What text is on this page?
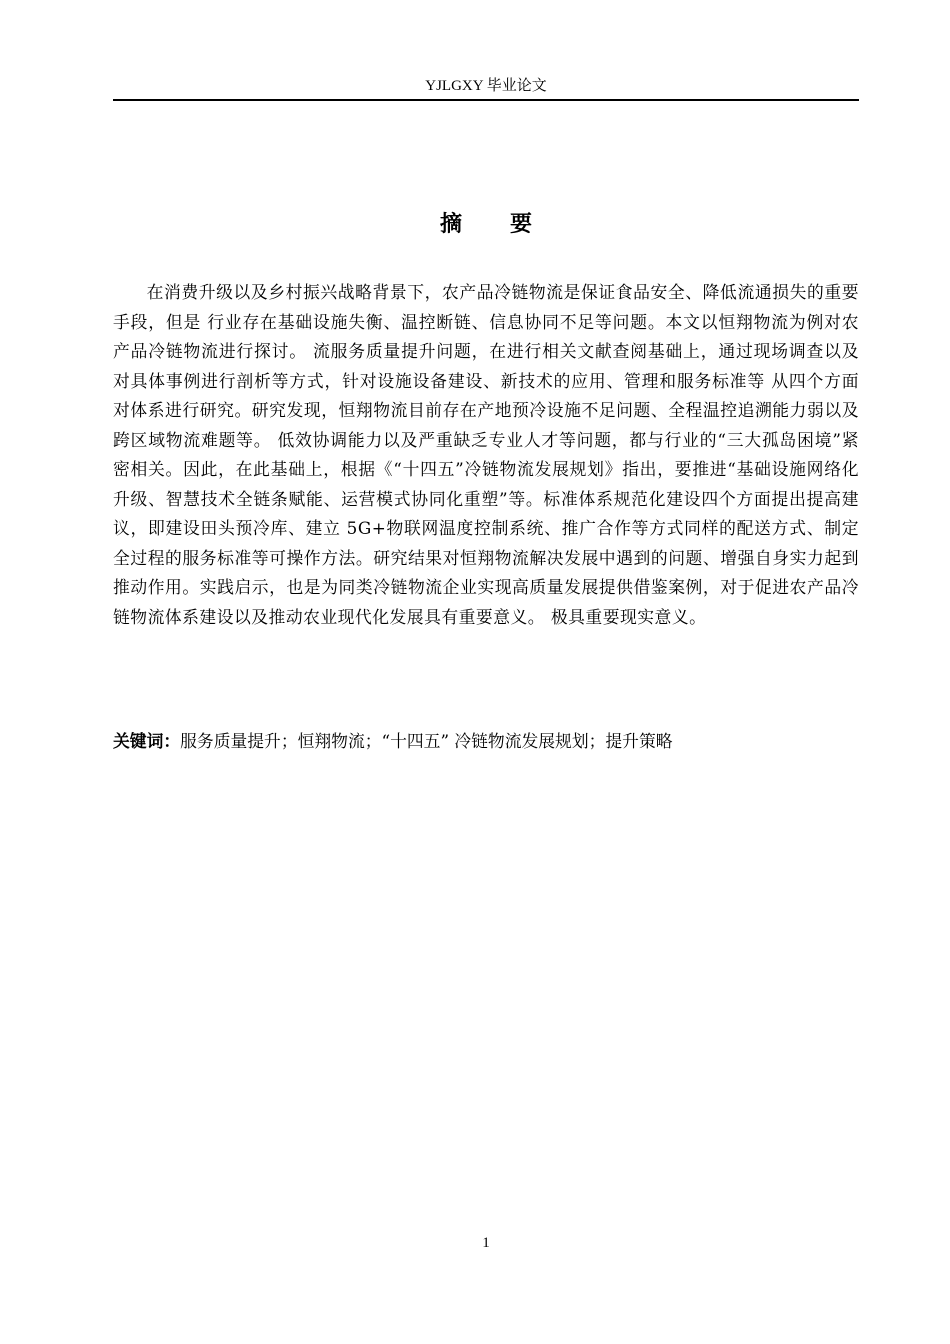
YJLGXY 毕业论文
摘要

在消费升级以及乡村振兴战略背景下，农产品冷链物流是保证食品安全、降低流通损失的重要手段，但是 行业存在基础设施失衡、温控断链、信息协同不足等问题。本文以恒翔物流为例对农产品冷链物流进行探讨。 流服务质量提升问题，在进行相关文献查阅基础上，通过现场调查以及对具体事例进行剖析等方式，针对设施设备建设、新技术的应用、管理和服务标准等 从四个方面对体系进行研究。研究发现，恒翔物流目前存在产地预冷设施不足问题、全程温控追溯能力弱以及跨区域物流难题等。 低效协调能力以及严重缺乏专业人才等问题，都与行业的“三大孤岛困境”紧密相关。因此，在此基础上，根据《“十四五”冷链物流发展规划》指出，要推进“基础设施网络化升级、智慧技术全链条赋能、运营模式协同化重塑”等。标准体系规范化建设四个方面提出提高建议，即建设田头预冷库、建立 5G+物联网温度控制系统、推广合作等方式同样的配送方式、制定全过程的服务标准等可操作方法。研究结果对恒翔物流解决发展中遇到的问题、增强自身实力起到推动作用。实践启示，也是为同类冷链物流企业实现高质量发展提供借鉴案例，对于促进农产品冷链物流体系建设以及推动农业现代化发展具有重要意义。 极具重要现实意义。

关键词：服务质量提升；恒翔物流；“十四五” 冷链物流发展规划；提升策略
1
